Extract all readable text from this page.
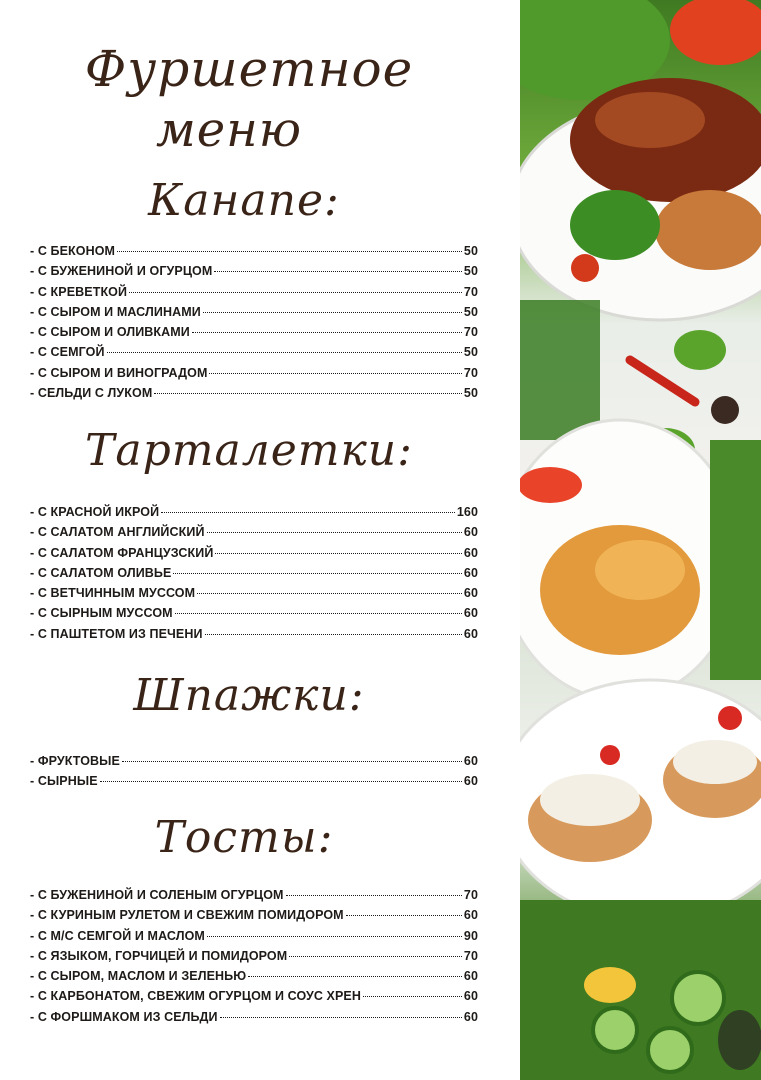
Фуршетное
меню
Канапе:
- С БЕКОНОМ	50
- С БУЖЕНИНОЙ И ОГУРЦОМ	50
- С КРЕВЕТКОЙ	70
- С СЫРОМ И МАСЛИНАМИ	50
- С СЫРОМ И ОЛИВКАМИ	70
- С СЕМГОЙ	50
- С СЫРОМ И ВИНОГРАДОМ	70
- СЕЛЬДИ С ЛУКОМ	50
Тарталетки:
- С КРАСНОЙ ИКРОЙ	160
- С САЛАТОМ АНГЛИЙСКИЙ	60
- С САЛАТОМ ФРАНЦУЗСКИЙ	60
- С САЛАТОМ ОЛИВЬЕ	60
- С ВЕТЧИННЫМ МУССОМ	60
- С СЫРНЫМ МУССОМ	60
- С ПАШТЕТОМ ИЗ ПЕЧЕНИ	60
Шпажки:
- ФРУКТОВЫЕ	60
- СЫРНЫЕ	60
Тосты:
- С БУЖЕНИНОЙ И СОЛЕНЫМ ОГУРЦОМ	70
- С КУРИНЫМ РУЛЕТОМ И СВЕЖИМ ПОМИДОРОМ	60
- С М/С СЕМГОЙ И МАСЛОМ	90
- С ЯЗЫКОМ, ГОРЧИЦЕЙ И ПОМИДОРОМ	70
- С СЫРОМ, МАСЛОМ И ЗЕЛЕНЬЮ	60
- С КАРБОНАТОМ, СВЕЖИМ ОГУРЦОМ И СОУС ХРЕН	60
- С ФОРШМАКОМ ИЗ СЕЛЬДИ	60
